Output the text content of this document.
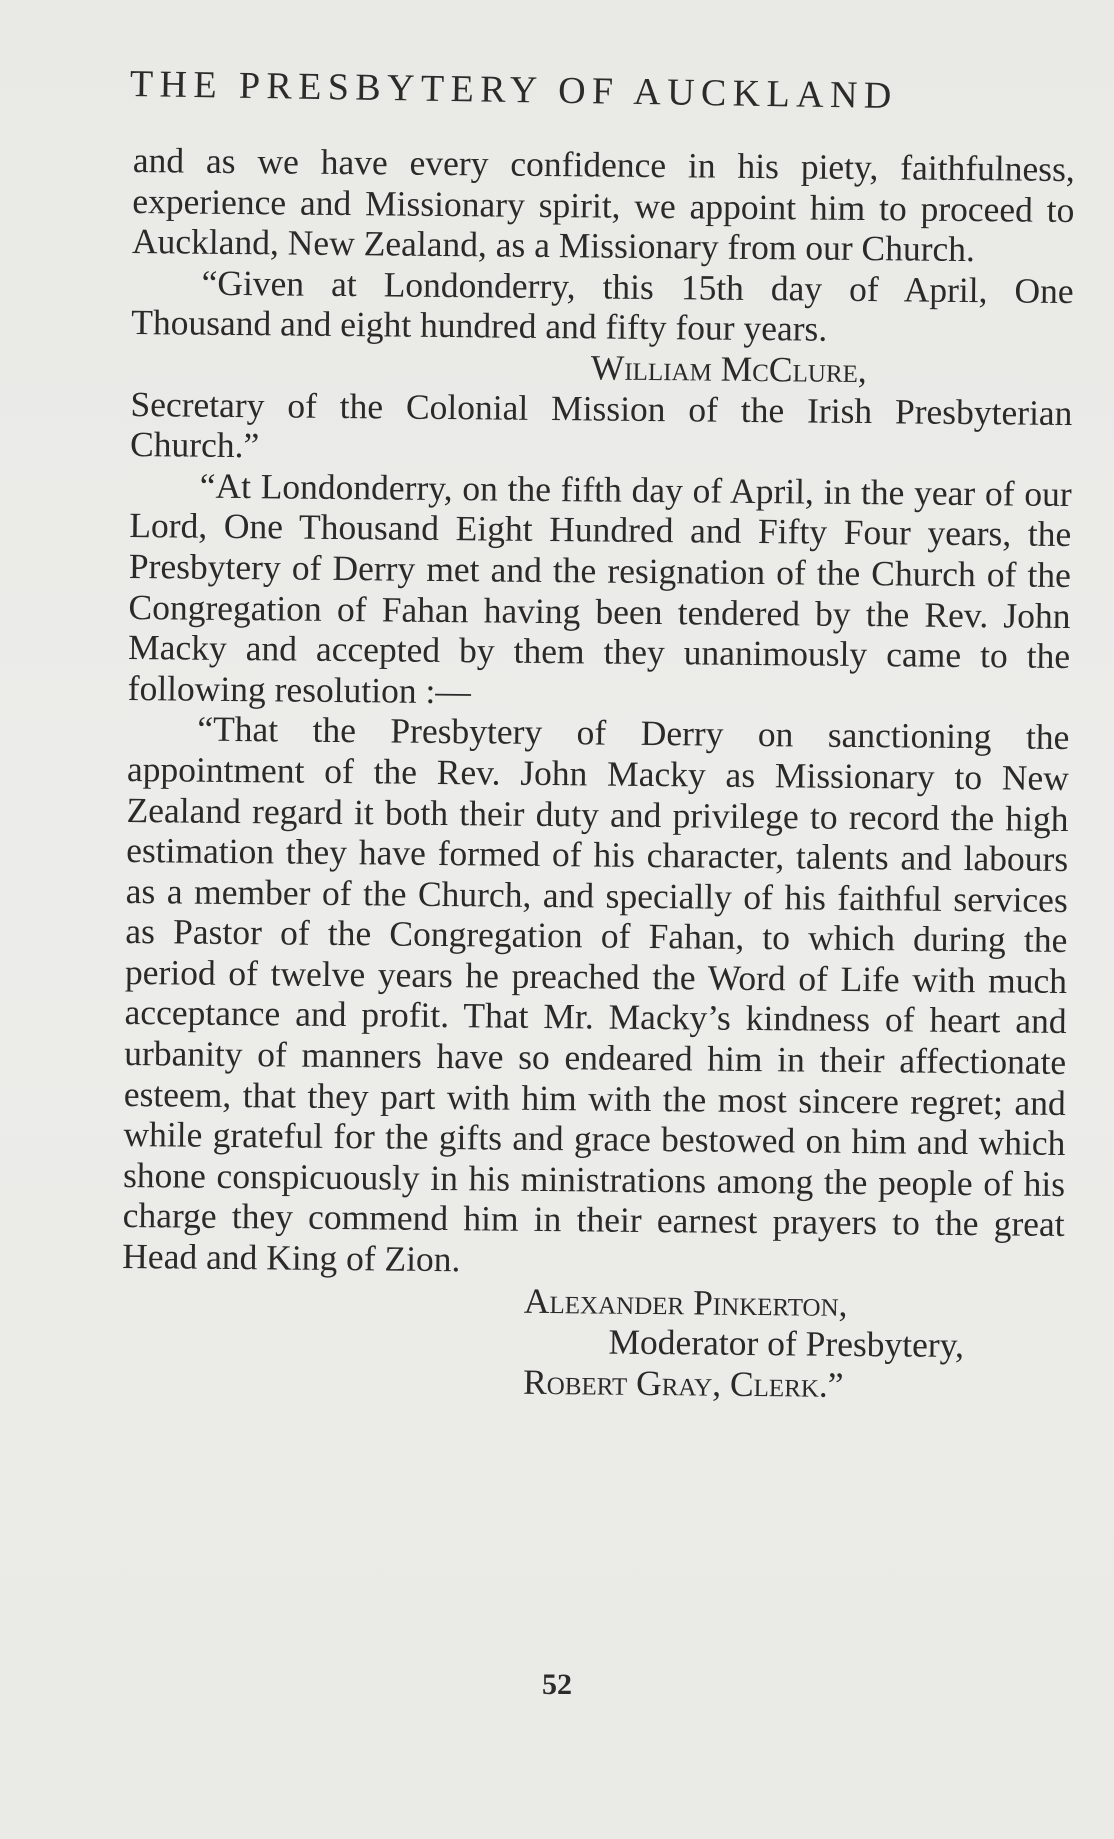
THE PRESBYTERY OF AUCKLAND

and as we have every confidence in his piety, faithfulness, experience and Missionary spirit, we appoint him to proceed to Auckland, New Zealand, as a Missionary from our Church.

“Given at Londonderry, this 15th day of April, One Thousand and eight hundred and fifty four years.

William McClure,

Secretary of the Colonial Mission of the Irish Presbyterian Church.”

“At Londonderry, on the fifth day of April, in the year of our Lord, One Thousand Eight Hundred and Fifty Four years, the Presbytery of Derry met and the resignation of the Church of the Congregation of Fahan having been tendered by the Rev. John Macky and accepted by them they unanimously came to the following resolution :—

“That the Presbytery of Derry on sanctioning the appointment of the Rev. John Macky as Missionary to New Zealand regard it both their duty and privilege to record the high estimation they have formed of his character, talents and labours as a member of the Church, and specially of his faithful services as Pastor of the Congregation of Fahan, to which during the period of twelve years he preached the Word of Life with much acceptance and profit. That Mr. Macky’s kindness of heart and urbanity of manners have so endeared him in their affectionate esteem, that they part with him with the most sincere regret; and while grateful for the gifts and grace bestowed on him and which shone conspicuously in his ministrations among the people of his charge they commend him in their earnest prayers to the great Head and King of Zion.

Alexander Pinkerton,

Moderator of Presbytery,

Robert Gray, Clerk.”

52
